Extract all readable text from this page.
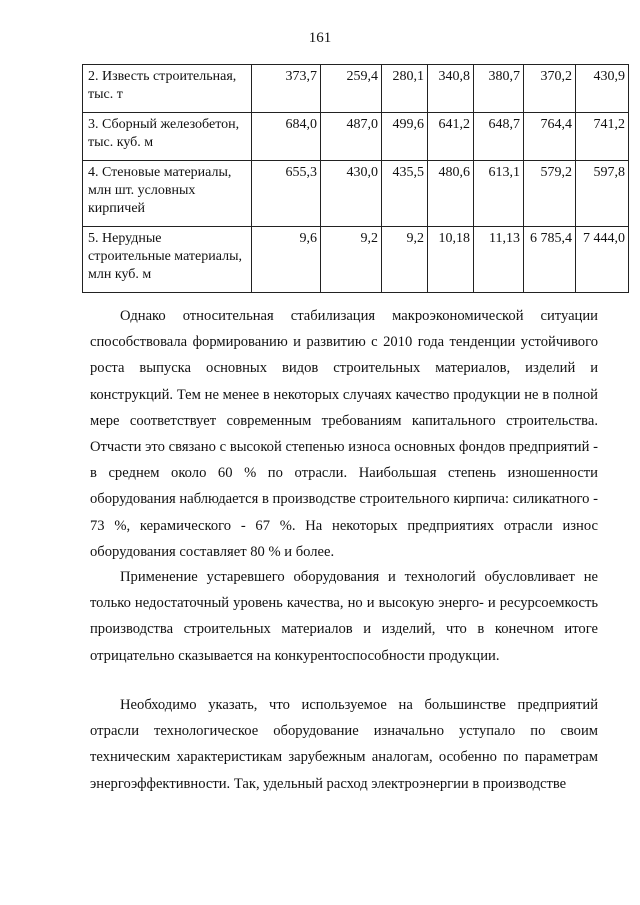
161
2. Известь строительная, тыс. т	373,7	259,4	280,1	340,8	380,7	370,2	430,9
3. Сборный железобетон, тыс. куб. м	684,0	487,0	499,6	641,2	648,7	764,4	741,2
4. Стеновые материалы, млн шт. условных кирпичей	655,3	430,0	435,5	480,6	613,1	579,2	597,8
5. Нерудные строительные материалы, млн куб. м	9,6	9,2	9,2	10,18	11,13	6 785,4	7 444,0

Однако относительная стабилизация макроэкономической ситуации способствовала формированию и развитию с 2010 года тенденции устойчивого роста выпуска основных видов строительных материалов, изделий и конструкций. Тем не менее в некоторых случаях качество продукции не в полной мере соответствует современным требованиям капитального строительства. Отчасти это связано с высокой степенью износа основных фондов предприятий - в среднем около 60 % по отрасли. Наибольшая степень изношенности оборудования наблюдается в производстве строительного кирпича: силикатного - 73 %, керамического - 67 %. На некоторых предприятиях отрасли износ оборудования составляет 80 % и более.

Применение устаревшего оборудования и технологий обусловливает не только недостаточный уровень качества, но и высокую энерго- и ресурсоемкость производства строительных материалов и изделий, что в конечном итоге отрицательно сказывается на конкурентоспособности продукции.

Необходимо указать, что используемое на большинстве предприятий отрасли технологическое оборудование изначально уступало по своим техническим характеристикам зарубежным аналогам, особенно по параметрам энергоэффективности. Так, удельный расход электроэнергии в производстве
